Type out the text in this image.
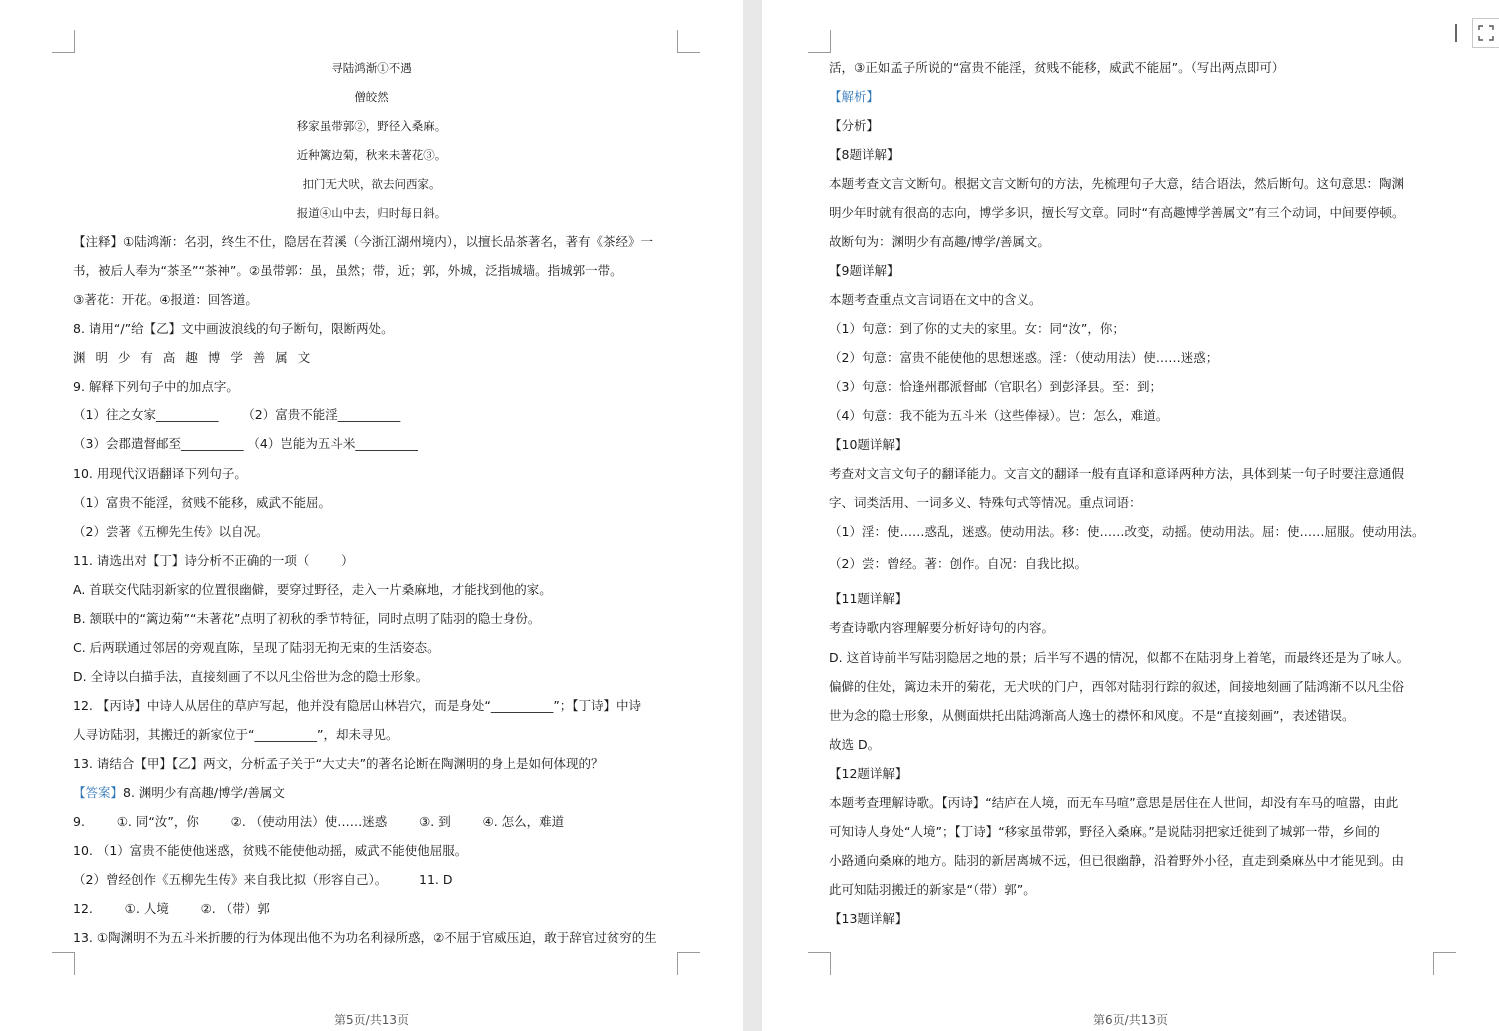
寻陆鸿渐①不遇
僧皎然
移家虽带郭②，野径入桑麻。
近种篱边菊，秋来未著花③。
扣门无犬吠，欲去问西家。
报道④山中去，归时每日斜。
【注释】①陆鸿渐：名羽，终生不仕，隐居在苕溪（今浙江湖州境内），以擅长品茶著名，著有《茶经》一
书，被后人奉为“茶圣”“茶神”。②虽带郭：虽，虽然；带，近；郭，外城，泛指城墙。指城郭一带。
③著花：开花。④报道：回答道。
8. 请用“/”给【乙】文中画波浪线的句子断句，限断两处。
渊 明 少 有 高 趣 博 学 善 属 文
9. 解释下列句子中的加点字。
（1）往之女家__________      （2）富贵不能淫__________
（3）会郡遣督邮至__________ （4）岂能为五斗米__________
10. 用现代汉语翻译下列句子。
（1）富贵不能淫，贫贱不能移，威武不能屈。
（2）尝著《五柳先生传》以自况。
11. 请选出对【丁】诗分析不正确的一项（        ）
A. 首联交代陆羽新家的位置很幽僻，要穿过野径，走入一片桑麻地，才能找到他的家。
B. 颔联中的“篱边菊”“未著花”点明了初秋的季节特征，同时点明了陆羽的隐士身份。
C. 后两联通过邻居的旁观直陈，呈现了陆羽无拘无束的生活姿态。
D. 全诗以白描手法，直接刻画了不以凡尘俗世为念的隐士形象。
12. 【丙诗】中诗人从居住的草庐写起，他并没有隐居山林岩穴，而是身处“__________”；【丁诗】中诗
人寻访陆羽，其搬迁的新家位于“__________”，却未寻见。
13. 请结合【甲】【乙】两文，分析孟子关于“大丈夫”的著名论断在陶渊明的身上是如何体现的？
【答案】8. 渊明少有高趣/博学/善属文
9.        ①. 同“汝”，你        ②. （使动用法）使……迷惑        ③. 到        ④. 怎么，难道
10. （1）富贵不能使他迷惑，贫贱不能使他动摇，威武不能使他屈服。
（2）曾经创作《五柳先生传》来自我比拟（形容自己）。        11. D
12.        ①. 人境        ②. （带）郭
13. ①陶渊明不为五斗米折腰的行为体现出他不为功名利禄所惑，②不屈于官威压迫，敢于辞官过贫穷的生
第5页/共13页
活，③正如孟子所说的“富贵不能淫，贫贱不能移，威武不能屈”。（写出两点即可）
【解析】
【分析】
【8题详解】
本题考查文言文断句。根据文言文断句的方法，先梳理句子大意，结合语法，然后断句。这句意思：陶渊
明少年时就有很高的志向，博学多识，擅长写文章。同时“有高趣博学善属文”有三个动词，中间要停顿。
故断句为：渊明少有高趣/博学/善属文。
【9题详解】
本题考查重点文言词语在文中的含义。
（1）句意：到了你的丈夫的家里。女：同“汝”，你；
（2）句意：富贵不能使他的思想迷惑。淫：（使动用法）使……迷惑；
（3）句意：恰逢州郡派督邮（官职名）到彭泽县。至：到；
（4）句意：我不能为五斗米（这些俸禄）。岂：怎么，难道。
【10题详解】
考查对文言文句子的翻译能力。文言文的翻译一般有直译和意译两种方法，具体到某一句子时要注意通假
字、词类活用、一词多义、特殊句式等情况。重点词语：
（1）淫：使……惑乱，迷惑。使动用法。移：使……改变，动摇。使动用法。屈：使……屈服。使动用法。
（2）尝：曾经。著：创作。自况：自我比拟。
【11题详解】
考查诗歌内容理解要分析好诗句的内容。
D. 这首诗前半写陆羽隐居之地的景；后半写不遇的情况，似都不在陆羽身上着笔，而最终还是为了咏人。
偏僻的住处，篱边未开的菊花，无犬吠的门户，西邻对陆羽行踪的叙述，间接地刻画了陆鸿渐不以凡尘俗
世为念的隐士形象，从侧面烘托出陆鸿渐高人逸士的襟怀和风度。不是“直接刻画”，表述错误。
故选 D。
【12题详解】
本题考查理解诗歌。【丙诗】“结庐在人境，而无车马喧”意思是居住在人世间，却没有车马的喧嚣，由此
可知诗人身处“人境”；【丁诗】“移家虽带郭，野径入桑麻。”是说陆羽把家迁徙到了城郭一带，乡间的
小路通向桑麻的地方。陆羽的新居离城不远，但已很幽静，沿着野外小径，直走到桑麻丛中才能见到。由
此可知陆羽搬迁的新家是“（带）郭”。
【13题详解】
第6页/共13页
